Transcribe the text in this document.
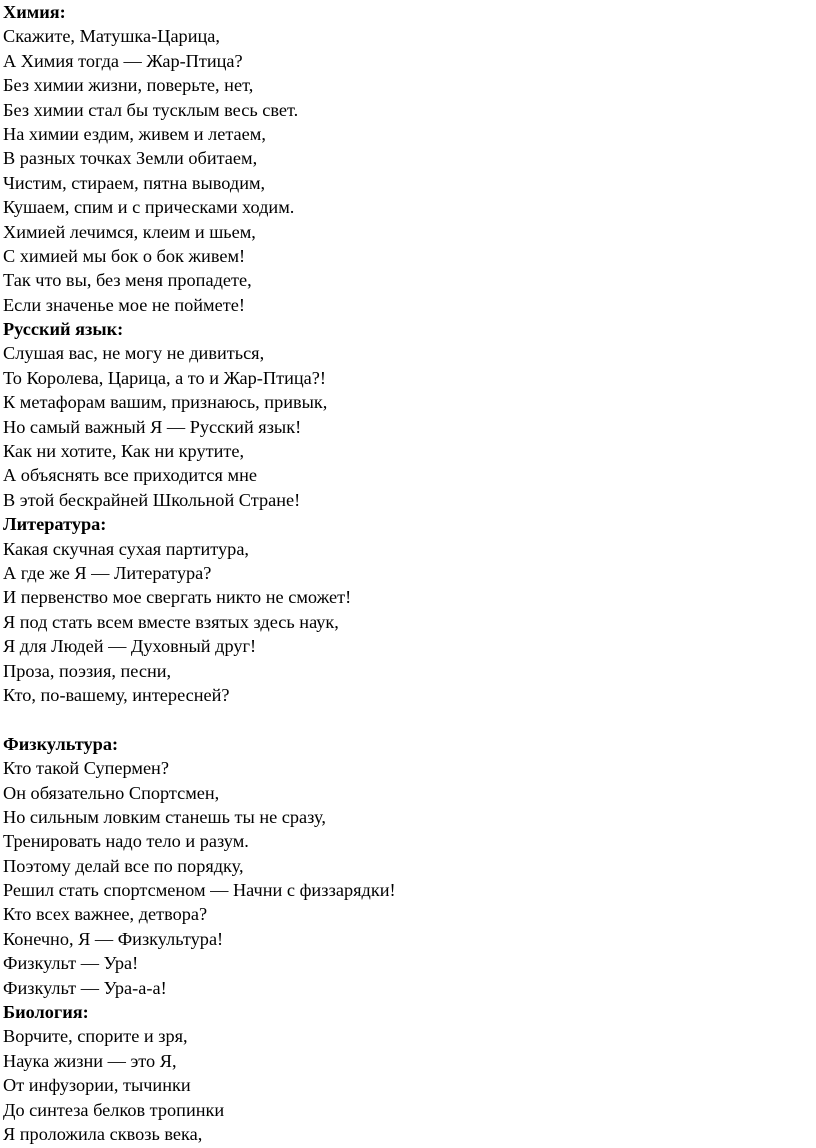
Химия:
Скажите, Матушка-Царица,
А Химия тогда — Жар-Птица?
Без химии жизни, поверьте, нет,
Без химии стал бы тусклым весь свет.
На химии ездим, живем и летаем,
В разных точках Земли обитаем,
Чистим, стираем, пятна выводим,
Кушаем, спим и с прическами ходим.
Химией лечимся, клеим и шьем,
С химией мы бок о бок живем!
Так что вы, без меня пропадете,
Если значенье мое не поймете!
Русский язык:
Слушая вас, не могу не дивиться,
То Королева, Царица, а то и Жар-Птица?!
К метафорам вашим, признаюсь, привык,
Но самый важный Я — Русский язык!
Как ни хотите, Как ни крутите,
А объяснять все приходится мне
В этой бескрайней Школьной Стране!
Литература:
Какая скучная сухая партитура,
А где же Я — Литература?
И первенство мое свергать никто не сможет!
Я под стать всем вместе взятых здесь наук,
Я для Людей — Духовный друг!
Проза, поэзия, песни,
Кто, по-вашему, интересней?
Физкультура:
Кто такой Супермен?
Он обязательно Спортсмен,
Но сильным ловким станешь ты не сразу,
Тренировать надо тело и разум.
Поэтому делай все по порядку,
Решил стать спортсменом — Начни с физзарядки!
Кто всех важнее, детвора?
Конечно, Я — Физкультура!
Физкульт — Ура!
Физкульт — Ура-а-а!
Биология:
Ворчите, спорите и зря,
Наука жизни — это Я,
От инфузории, тычинки
До синтеза белков тропинки
Я проложила сквозь века,
